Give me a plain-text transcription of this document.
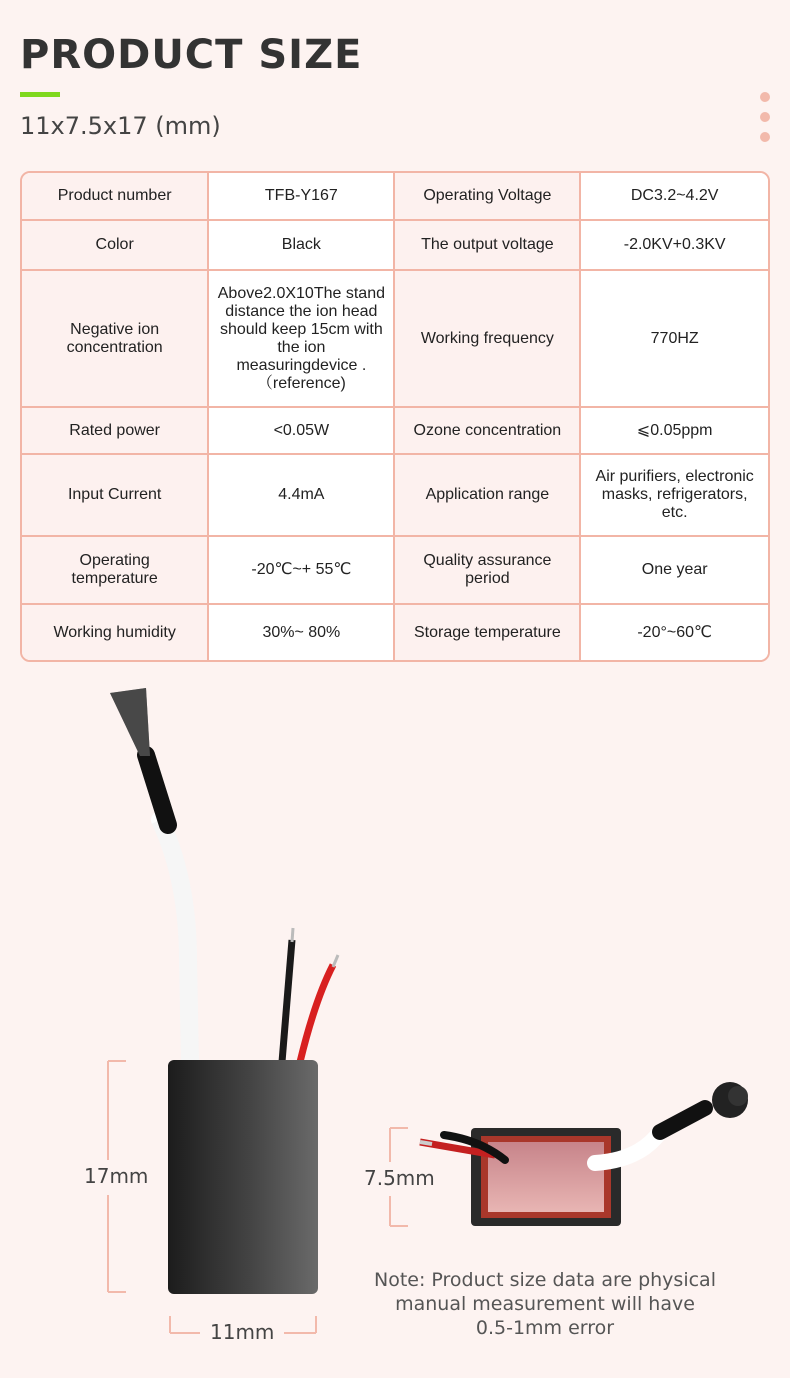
PRODUCT SIZE
11x7.5x17 (mm)
Product number	TFB-Y167	Operating Voltage	DC3.2~4.2V
Color	Black	The output voltage	-2.0KV+0.3KV
Negative ion concentration	Above2.0X10The stand distance the ion head should keep 15cm with the ion measuringdevice .（reference)	Working frequency	770HZ
Rated power	<0.05W	Ozone concentration	⩽0.05ppm
Input Current	4.4mA	Application range	Air purifiers, electronic masks, refrigerators, etc.
Operating temperature	-20℃~+ 55℃	Quality assurance period	One year
Working humidity	30%~ 80%	Storage temperature	-20°~60℃
17mm
11mm
7.5mm
Note: Product size data are physical
manual measurement will have
0.5-1mm error
